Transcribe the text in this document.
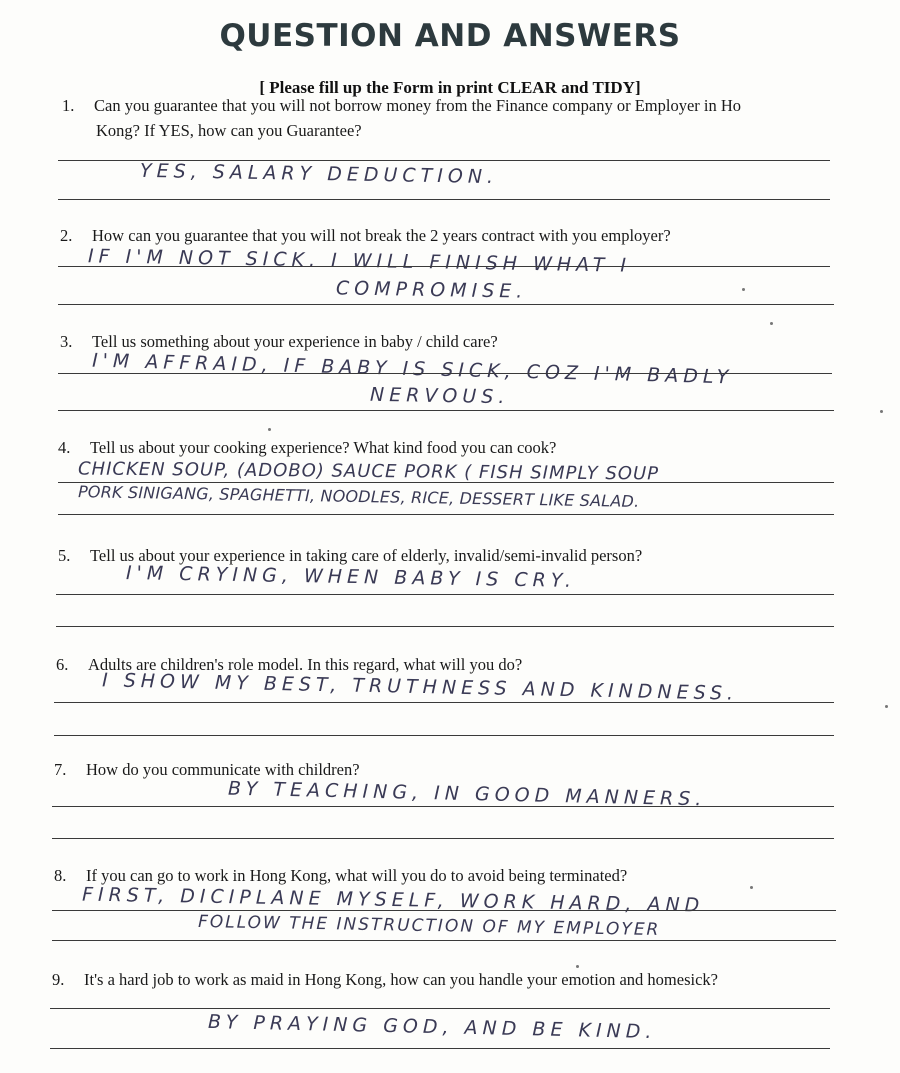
QUESTION AND ANSWERS
[ Please fill up the Form in print CLEAR and TIDY]
1. Can you guarantee that you will not borrow money from the Finance company or Employer in Ho
Kong? If YES, how can you Guarantee?
YES, SALARY DEDUCTION.
2. How can you guarantee that you will not break the 2 years contract with you employer?
IF I'M NOT SICK. I WILL FINISH WHAT I
COMPROMISE.
3. Tell us something about your experience in baby / child care?
I'M AFFRAID, IF BABY IS SICK, COZ I'M BADLY
NERVOUS.
4. Tell us about your cooking experience? What kind food you can cook?
CHICKEN SOUP, (ADOBO) SAUCE PORK ( FISH SIMPLY SOUP
PORK SINIGANG, SPAGHETTI, NOODLES, RICE, DESSERT LIKE SALAD.
5. Tell us about your experience in taking care of elderly, invalid/semi-invalid person?
I'M CRYING, WHEN BABY IS CRY.
6. Adults are children's role model. In this regard, what will you do?
I SHOW MY BEST, TRUTHNESS AND KINDNESS.
7. How do you communicate with children?
BY TEACHING, IN GOOD MANNERS.
8. If you can go to work in Hong Kong, what will you do to avoid being terminated?
FIRST, DICIPLANE MYSELF, WORK HARD, AND
FOLLOW THE INSTRUCTION OF MY EMPLOYER
9. It's a hard job to work as maid in Hong Kong, how can you handle your emotion and homesick?
BY PRAYING GOD, AND BE KIND.
